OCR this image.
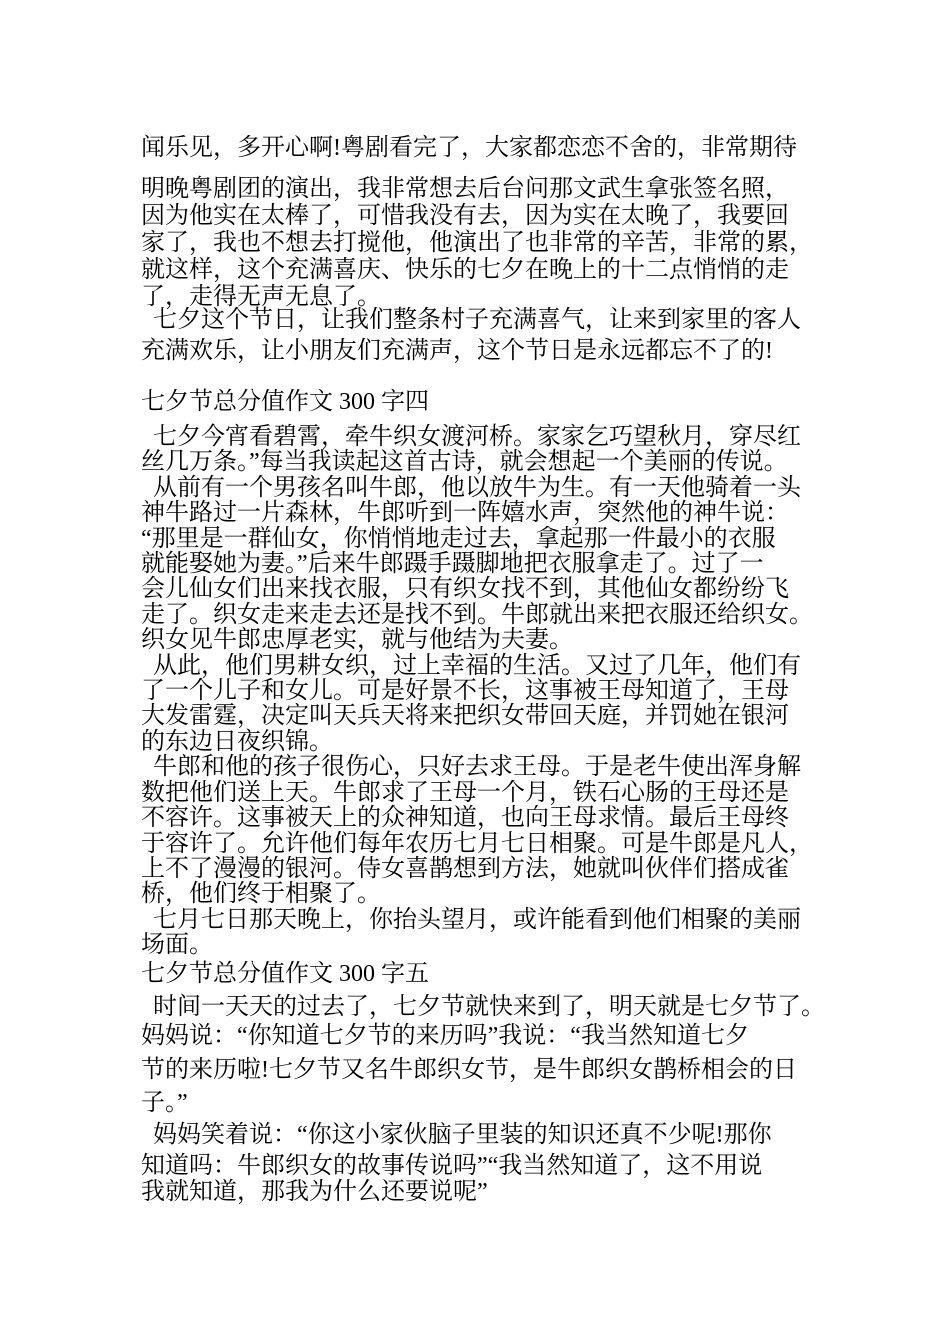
闻乐见，多开心啊!粤剧看完了，大家都恋恋不舍的，非常期待
明晚粤剧团的演出，我非常想去后台问那文武生拿张签名照，
因为他实在太棒了，可惜我没有去，因为实在太晚了，我要回
家了，我也不想去打搅他，他演出了也非常的辛苦，非常的累，
就这样，这个充满喜庆、快乐的七夕在晚上的十二点悄悄的走
了，走得无声无息了。
七夕这个节日，让我们整条村子充满喜气，让来到家里的客人
充满欢乐，让小朋友们充满声，这个节日是永远都忘不了的!
七夕节总分值作文 300 字四
七夕今宵看碧霄，牵牛织女渡河桥。家家乞巧望秋月，穿尽红
丝几万条。”每当我读起这首古诗，就会想起一个美丽的传说。
从前有一个男孩名叫牛郎，他以放牛为生。有一天他骑着一头
神牛路过一片森林，牛郎听到一阵嬉水声，突然他的神牛说：
“那里是一群仙女，你悄悄地走过去，拿起那一件最小的衣服
就能娶她为妻。”后来牛郎蹑手蹑脚地把衣服拿走了。过了一
会儿仙女们出来找衣服，只有织女找不到，其他仙女都纷纷飞
走了。织女走来走去还是找不到。牛郎就出来把衣服还给织女。
织女见牛郎忠厚老实，就与他结为夫妻。
从此，他们男耕女织，过上幸福的生活。又过了几年，他们有
了一个儿子和女儿。可是好景不长，这事被王母知道了，王母
大发雷霆，决定叫天兵天将来把织女带回天庭，并罚她在银河
的东边日夜织锦。
牛郎和他的孩子很伤心，只好去求王母。于是老牛使出浑身解
数把他们送上天。牛郎求了王母一个月，铁石心肠的王母还是
不容许。这事被天上的众神知道，也向王母求情。最后王母终
于容许了。允许他们每年农历七月七日相聚。可是牛郎是凡人，
上不了漫漫的银河。侍女喜鹊想到方法，她就叫伙伴们搭成雀
桥，他们终于相聚了。
七月七日那天晚上，你抬头望月，或许能看到他们相聚的美丽
场面。
七夕节总分值作文 300 字五
时间一天天的过去了，七夕节就快来到了，明天就是七夕节了。
妈妈说：“你知道七夕节的来历吗”我说：“我当然知道七夕
节的来历啦!七夕节又名牛郎织女节，是牛郎织女鹊桥相会的日
子。”
妈妈笑着说：“你这小家伙脑子里装的知识还真不少呢!那你
知道吗：牛郎织女的故事传说吗”“我当然知道了，这不用说
我就知道，那我为什么还要说呢”
